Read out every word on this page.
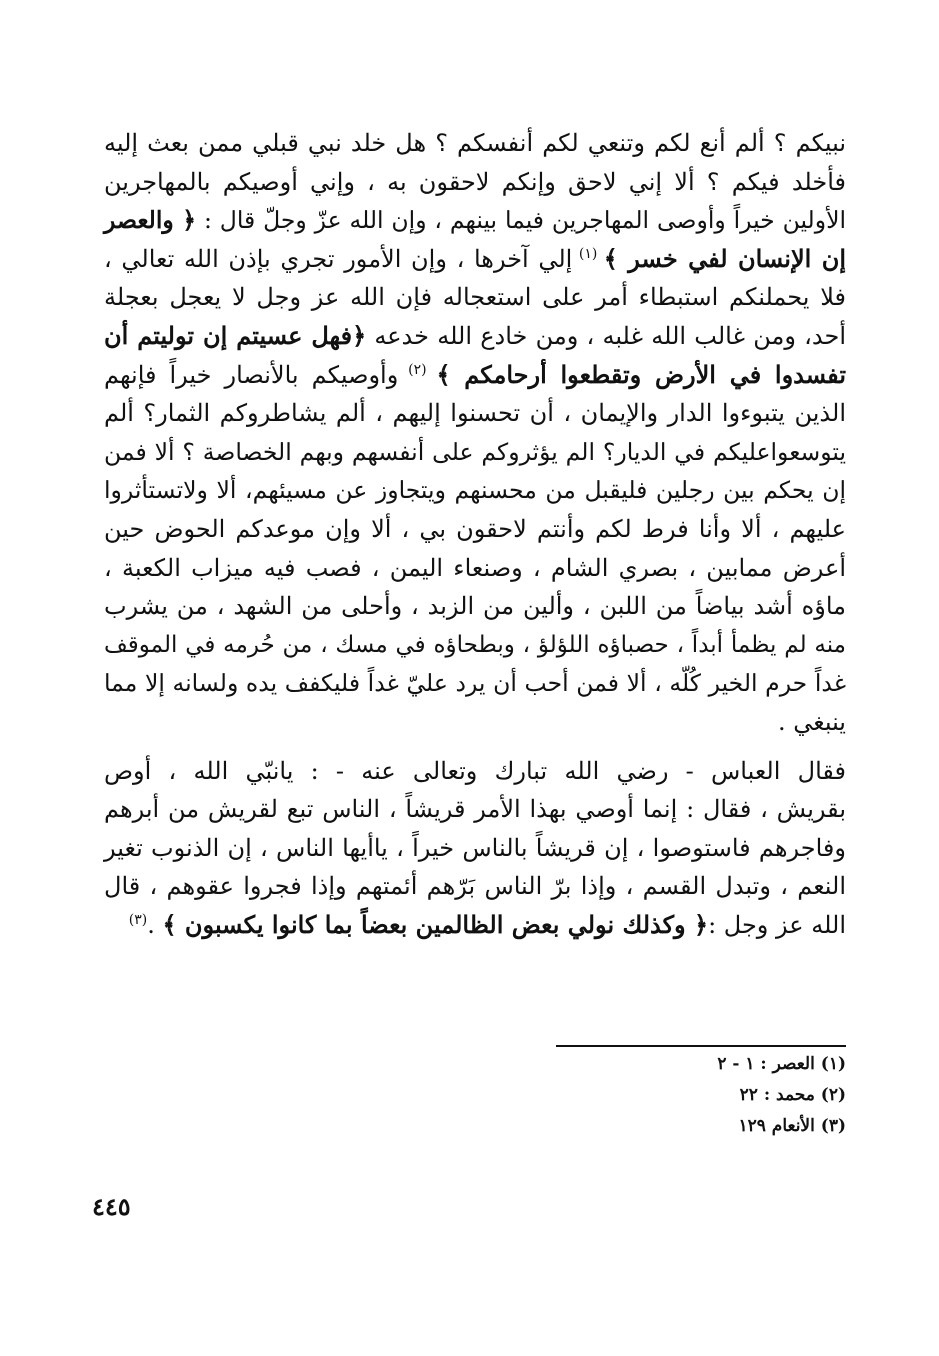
نبيكم ؟ ألم أنع لكم وتنعي لكم أنفسكم ؟ هل خلد نبي قبلي ممن بعث إليه
فأخلد فيكم ؟ ألا إني لاحق وإنكم لاحقون به ، وإني أوصيكم بالمهاجرين
الأولين خيراً وأوصى المهاجرين فيما بينهم ، وإن الله عزّ وجلّ قال : ﴿ والعصر
إن الإنسان لفي خسر ﴾ $^{(١)}$ إلي آخرها ، وإن الأمور تجري بإذن الله تعالي ،
فلا يحملنكم استبطاء أمر على استعجاله فإن الله عز وجل لا يعجل بعجلة
أحد، ومن غالب الله غلبه ، ومن خادع الله خدعه ﴿فهل عسيتم إن توليتم أن
تفسدوا في الأرض وتقطعوا أرحامكم ﴾ $^{(٢)}$ وأوصيكم بالأنصار خيراً فإنهم
الذين يتبوءوا الدار والإيمان ، أن تحسنوا إليهم ، ألم يشاطروكم الثمار؟ ألم
يتوسعواعليكم في الديار؟ الم يؤثروكم على أنفسهم وبهم الخصاصة ؟ ألا فمن
إن يحكم بين رجلين فليقبل من محسنهم ويتجاوز عن مسيئهم، ألا ولاتستأثروا
عليهم ، ألا وأنا فرط لكم وأنتم لاحقون بي ، ألا وإن موعدكم الحوض حين
أعرض ممابين ، بصري الشام ، وصنعاء اليمن ، فصب فيه ميزاب الكعبة ،
ماؤه أشد بياضاً من اللبن ، وألين من الزبد ، وأحلى من الشهد ، من يشرب
منه لم يظمأ أبداً ، حصباؤه اللؤلؤ ، وبطحاؤه في مسك ، من حُرمه في الموقف
غداً حرم الخير كُلّه ، ألا فمن أحب أن يرد عليّ غداً فليكفف يده ولسانه إلا مما
ينبغي .
فقال العباس - رضي الله تبارك وتعالى عنه - : يانبّي الله ، أوص
بقريش ، فقال : إنما أوصي بهذا الأمر قريشاً ، الناس تبع لقريش من أبرهم
وفاجرهم فاستوصوا ، إن قريشاً بالناس خيراً ، ياأيها الناس ، إن الذنوب تغير
النعم ، وتبدل القسم ، وإذا برّ الناس بَرّهم أئمتهم وإذا فجروا عقوهم ، قال
الله عز وجل :﴿ وكذلك نولي بعض الظالمين بعضاً بما كانوا يكسبون ﴾ .$^{(٣)}$
(١) العصر : ١ - ٢
(٢) محمد : ٢٢
(٣) الأنعام ١٢٩
٤٤٥
